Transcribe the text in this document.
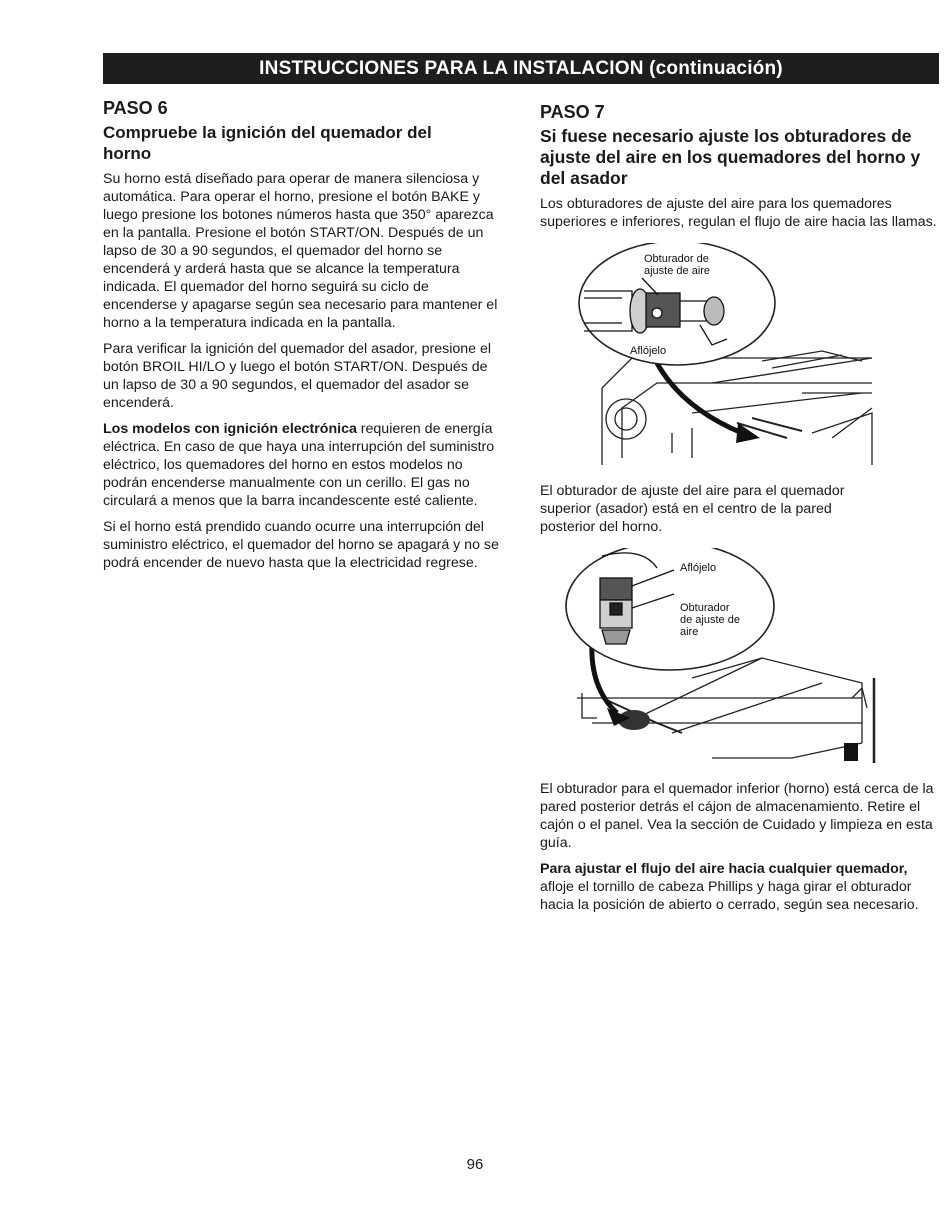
INSTRUCCIONES PARA LA INSTALACION (continuación)
PASO 6
Compruebe la ignición del quemador del horno

Su horno está diseñado para operar de manera silenciosa y automática. Para operar el horno, presione el botón BAKE y luego presione los botones números hasta que 350° aparezca en la pantalla. Presione el botón START/ON. Después de un lapso de 30 a 90 segundos, el quemador del horno se encenderá y arderá hasta que se alcance la temperatura indicada. El quemador del horno seguirá su ciclo de encenderse y apagarse según sea necesario para mantener el horno a la temperatura indicada en la pantalla.

Para verificar la ignición del quemador del asador, presione el botón BROIL HI/LO y luego el botón START/ON. Después de un lapso de 30 a 90 segundos, el quemador del asador se encenderá.

Los modelos con ignición electrónica requieren de energía eléctrica. En caso de que haya una interrupción del suministro eléctrico, los quemadores del horno en estos modelos no podrán encenderse manualmente con un cerillo. El gas no circulará a menos que la barra incandescente esté caliente.

Si el horno está prendido cuando ocurre una interrupción del suministro eléctrico, el quemador del horno se apagará y no se podrá encender de nuevo hasta que la electricidad regrese.

PASO 7
Si fuese necesario ajuste los obturadores de ajuste del aire en los quemadores del horno y del asador

Los obturadores de ajuste del aire para los quemadores superiores e inferiores, regulan el flujo de aire hacia las llamas.

Obturador de ajuste de aire
Aflójelo

El obturador de ajuste del aire para el quemador superior (asador) está en el centro de la pared posterior del horno.

Aflójelo
Obturador de ajuste de aire

El obturador para el quemador inferior (horno) está cerca de la pared posterior detrás el cájon de almacenamiento. Retire el cajón o el panel. Vea la sección de Cuidado y limpieza en esta guía.

Para ajustar el flujo del aire hacia cualquier quemador, afloje el tornillo de cabeza Phillips y haga girar el obturador hacia la posición de abierto o cerrado, según sea necesario.

96
